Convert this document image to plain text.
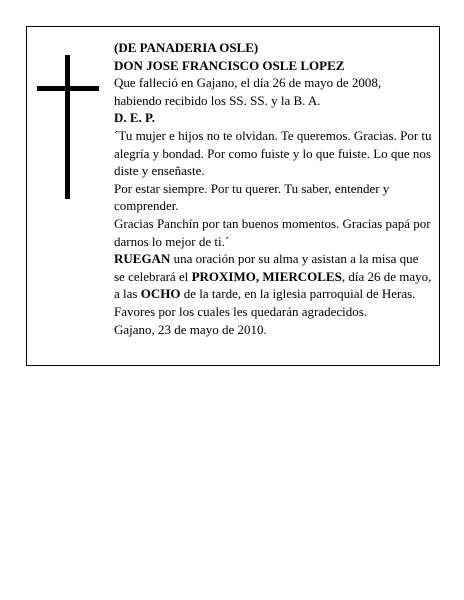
(DE PANADERIA OSLE)

DON JOSE FRANCISCO OSLE LOPEZ

Que falleció en Gajano, el día 26 de mayo de 2008, habiendo recibido los SS. SS. y la B. A.

D. E. P.

´Tu mujer e hijos no te olvidan. Te queremos. Gracias. Por tu alegría y bondad. Por como fuiste y lo que fuiste. Lo que nos diste y enseñaste.

Por estar siempre. Por tu querer. Tu saber, entender y comprender.

Gracias Panchín por tan buenos momentos. Gracias papá por darnos lo mejor de ti.´

RUEGAN una oración por su alma y asistan a la misa que se celebrará el PROXIMO, MIERCOLES, día 26 de mayo, a las OCHO de la tarde, en la iglesia parroquial de Heras. Favores por los cuales les quedarán agradecidos.

Gajano, 23 de mayo de 2010.
